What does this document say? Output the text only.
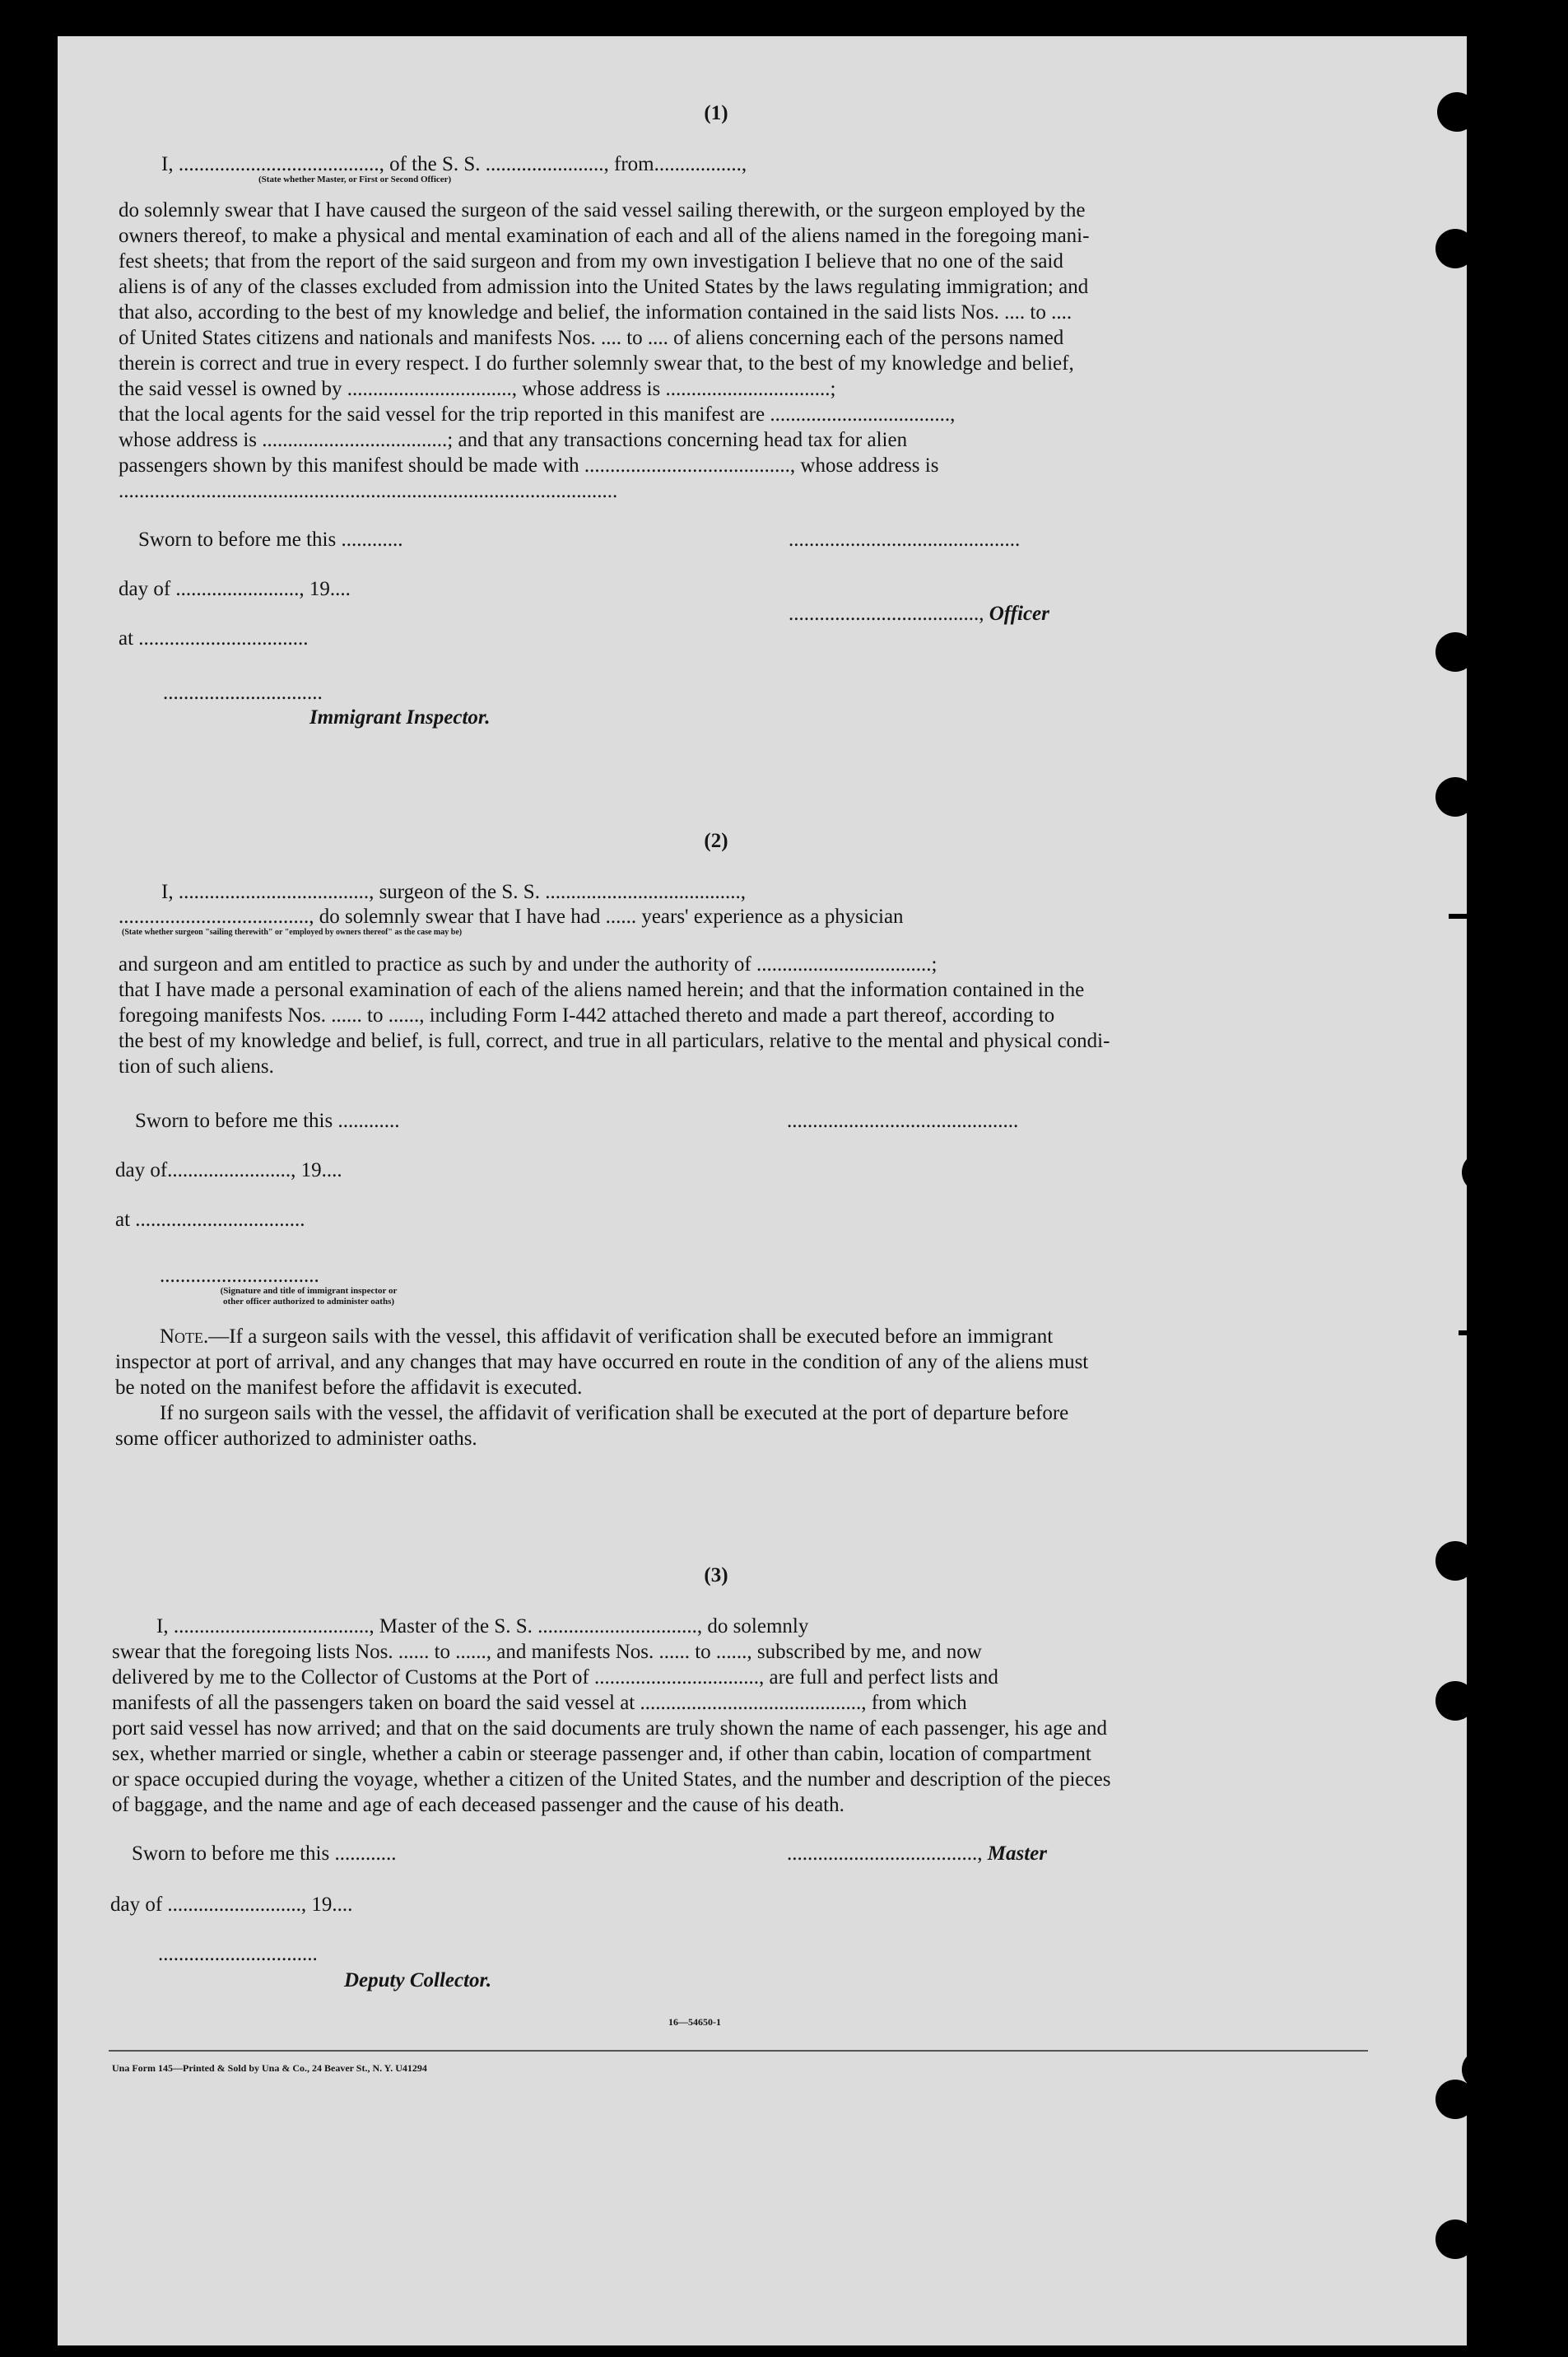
(1)
I, ......................................., of the S. S. ......................., from.................,
(State whether Master, or First or Second Officer)
do solemnly swear that I have caused the surgeon of the said vessel sailing therewith, or the surgeon employed by the
owners thereof, to make a physical and mental examination of each and all of the aliens named in the foregoing mani-
fest sheets; that from the report of the said surgeon and from my own investigation I believe that no one of the said
aliens is of any of the classes excluded from admission into the United States by the laws regulating immigration; and
that also, according to the best of my knowledge and belief, the information contained in the said lists Nos. .... to ....
of United States citizens and nationals and manifests Nos. .... to .... of aliens concerning each of the persons named
therein is correct and true in every respect. I do further solemnly swear that, to the best of my knowledge and belief,
the said vessel is owned by ................................, whose address is ................................;
that the local agents for the said vessel for the trip reported in this manifest are ...................................,
whose address is ....................................; and that any transactions concerning head tax for alien
passengers shown by this manifest should be made with ........................................, whose address is
.................................................................................................
Sworn to before me this ............	.............................................
day of ........................, 19....
....................................., Officer
at .................................
...............................
Immigrant Inspector.
(2)
I, ....................................., surgeon of the S. S. ......................................,
....................................., do solemnly swear that I have had ...... years' experience as a physician
(State whether surgeon "sailing therewith" or "employed by owners thereof" as the case may be)
and surgeon and am entitled to practice as such by and under the authority of ..................................;
that I have made a personal examination of each of the aliens named herein; and that the information contained in the
foregoing manifests Nos. ...... to ......, including Form I-442 attached thereto and made a part thereof, according to
the best of my knowledge and belief, is full, correct, and true in all particulars, relative to the mental and physical condi-
tion of such aliens.
Sworn to before me this ............	.............................................
day of........................, 19....
at .................................
...............................
(Signature and title of immigrant inspector or
other officer authorized to administer oaths)
Note.—If a surgeon sails with the vessel, this affidavit of verification shall be executed before an immigrant
inspector at port of arrival, and any changes that may have occurred en route in the condition of any of the aliens must
be noted on the manifest before the affidavit is executed.
If no surgeon sails with the vessel, the affidavit of verification shall be executed at the port of departure before
some officer authorized to administer oaths.
(3)
I, ......................................, Master of the S. S. ..............................., do solemnly
swear that the foregoing lists Nos. ...... to ......, and manifests Nos. ...... to ......, subscribed by me, and now
delivered by me to the Collector of Customs at the Port of ................................, are full and perfect lists and
manifests of all the passengers taken on board the said vessel at ..........................................., from which
port said vessel has now arrived; and that on the said documents are truly shown the name of each passenger, his age and
sex, whether married or single, whether a cabin or steerage passenger and, if other than cabin, location of compartment
or space occupied during the voyage, whether a citizen of the United States, and the number and description of the pieces
of baggage, and the name and age of each deceased passenger and the cause of his death.
Sworn to before me this ............	....................................., Master
day of .........................., 19....
...............................
Deputy Collector.
16—54650-1
Una Form 145—Printed & Sold by Una & Co., 24 Beaver St., N. Y. U41294
